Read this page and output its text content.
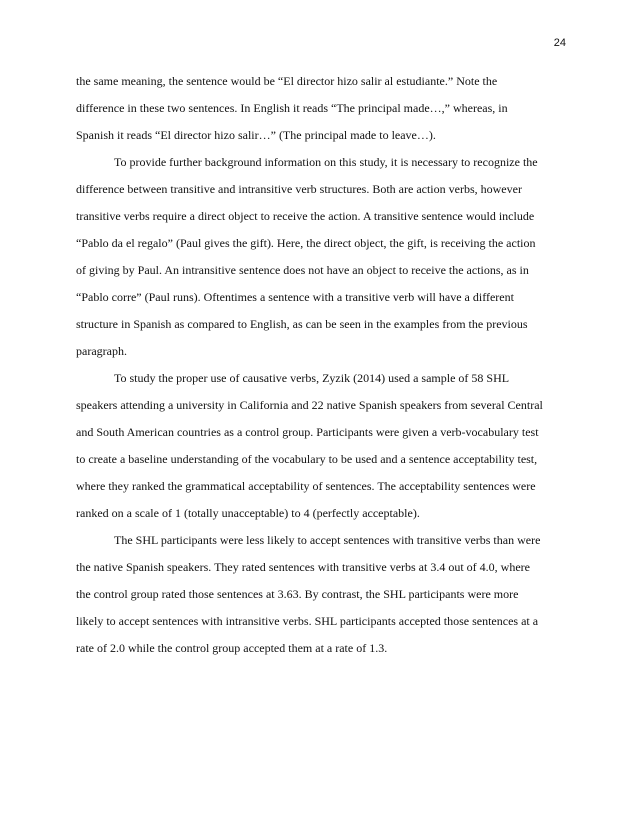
24
the same meaning, the sentence would be “El director hizo salir al estudiante.” Note the
difference in these two sentences. In English it reads “The principal made…,” whereas, in
Spanish it reads “El director hizo salir…” (The principal made to leave…).
To provide further background information on this study, it is necessary to recognize the
difference between transitive and intransitive verb structures. Both are action verbs, however
transitive verbs require a direct object to receive the action. A transitive sentence would include
“Pablo da el regalo” (Paul gives the gift). Here, the direct object, the gift, is receiving the action
of giving by Paul. An intransitive sentence does not have an object to receive the actions, as in
“Pablo corre” (Paul runs). Oftentimes a sentence with a transitive verb will have a different
structure in Spanish as compared to English, as can be seen in the examples from the previous
paragraph.
To study the proper use of causative verbs, Zyzik (2014) used a sample of 58 SHL
speakers attending a university in California and 22 native Spanish speakers from several Central
and South American countries as a control group. Participants were given a verb-vocabulary test
to create a baseline understanding of the vocabulary to be used and a sentence acceptability test,
where they ranked the grammatical acceptability of sentences. The acceptability sentences were
ranked on a scale of 1 (totally unacceptable) to 4 (perfectly acceptable).
The SHL participants were less likely to accept sentences with transitive verbs than were
the native Spanish speakers. They rated sentences with transitive verbs at 3.4 out of 4.0, where
the control group rated those sentences at 3.63. By contrast, the SHL participants were more
likely to accept sentences with intransitive verbs. SHL participants accepted those sentences at a
rate of 2.0 while the control group accepted them at a rate of 1.3.
